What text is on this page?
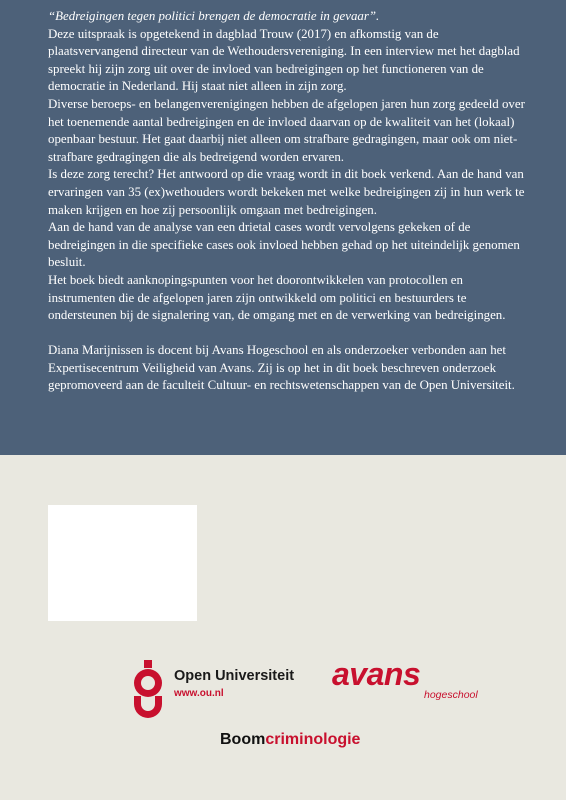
“Bedreigingen tegen politici brengen de democratie in gevaar”.

Deze uitspraak is opgetekend in dagblad Trouw (2017) en afkomstig van de plaatsvervangend directeur van de Wethoudersvereniging. In een interview met het dagblad spreekt hij zijn zorg uit over de invloed van bedreigingen op het functioneren van de democratie in Nederland. Hij staat niet alleen in zijn zorg.

Diverse beroeps- en belangenverenigingen hebben de afgelopen jaren hun zorg gedeeld over het toenemende aantal bedreigingen en de invloed daarvan op de kwaliteit van het (lokaal) openbaar bestuur. Het gaat daarbij niet alleen om strafbare gedragingen, maar ook om niet-strafbare gedragingen die als bedreigend worden ervaren.

Is deze zorg terecht? Het antwoord op die vraag wordt in dit boek verkend. Aan de hand van ervaringen van 35 (ex)wethouders wordt bekeken met welke bedreigingen zij in hun werk te maken krijgen en hoe zij persoonlijk omgaan met bedreigingen.

Aan de hand van de analyse van een drietal cases wordt vervolgens gekeken of de bedreigingen in die specifieke cases ook invloed hebben gehad op het uiteindelijk genomen besluit.

Het boek biedt aanknopingspunten voor het doorontwikkelen van protocollen en instrumenten die de afgelopen jaren zijn ontwikkeld om politici en bestuurders te ondersteunen bij de signalering van, de omgang met en de verwerking van bedreigingen.

Diana Marijnissen is docent bij Avans Hogeschool en als onderzoeker verbonden aan het Expertisecentrum Veiligheid van Avans. Zij is op het in dit boek beschreven onderzoek gepromoveerd aan de faculteit Cultuur- en rechtswetenschappen van de Open Universiteit.

Open Universiteit
www.ou.nl
avans
hogeschool
Boomcriminologie
